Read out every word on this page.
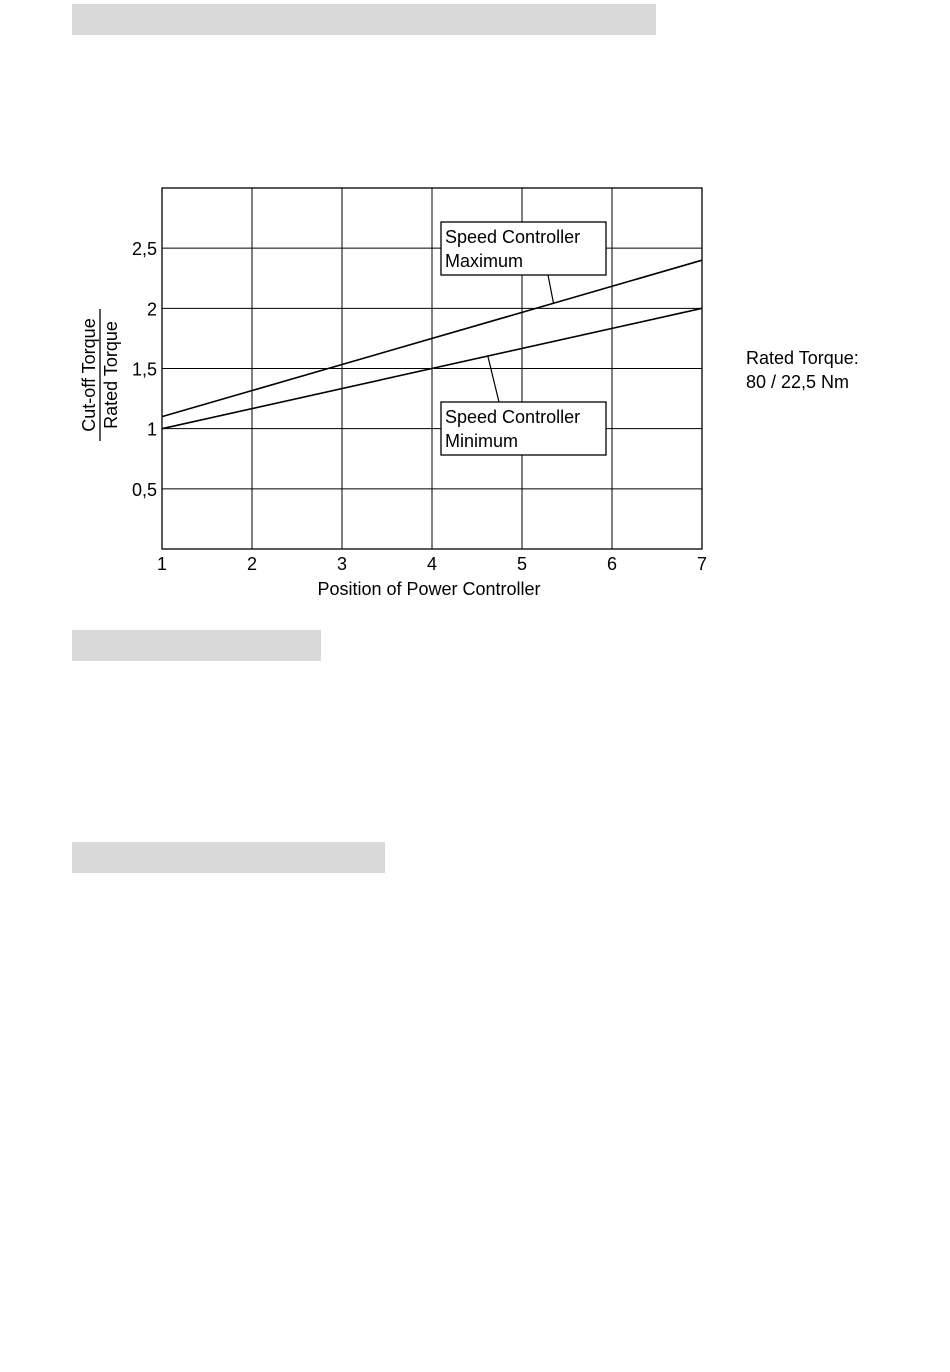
Speed Controller
Maximum
Speed Controller
Minimum
1	2	3	4	5	6	7
0,5
1
1,5
2
2,5
Position of Power Controller
Cut-off Torque Rated Torque	Rated Torque:
80 / 22,5 Nm
